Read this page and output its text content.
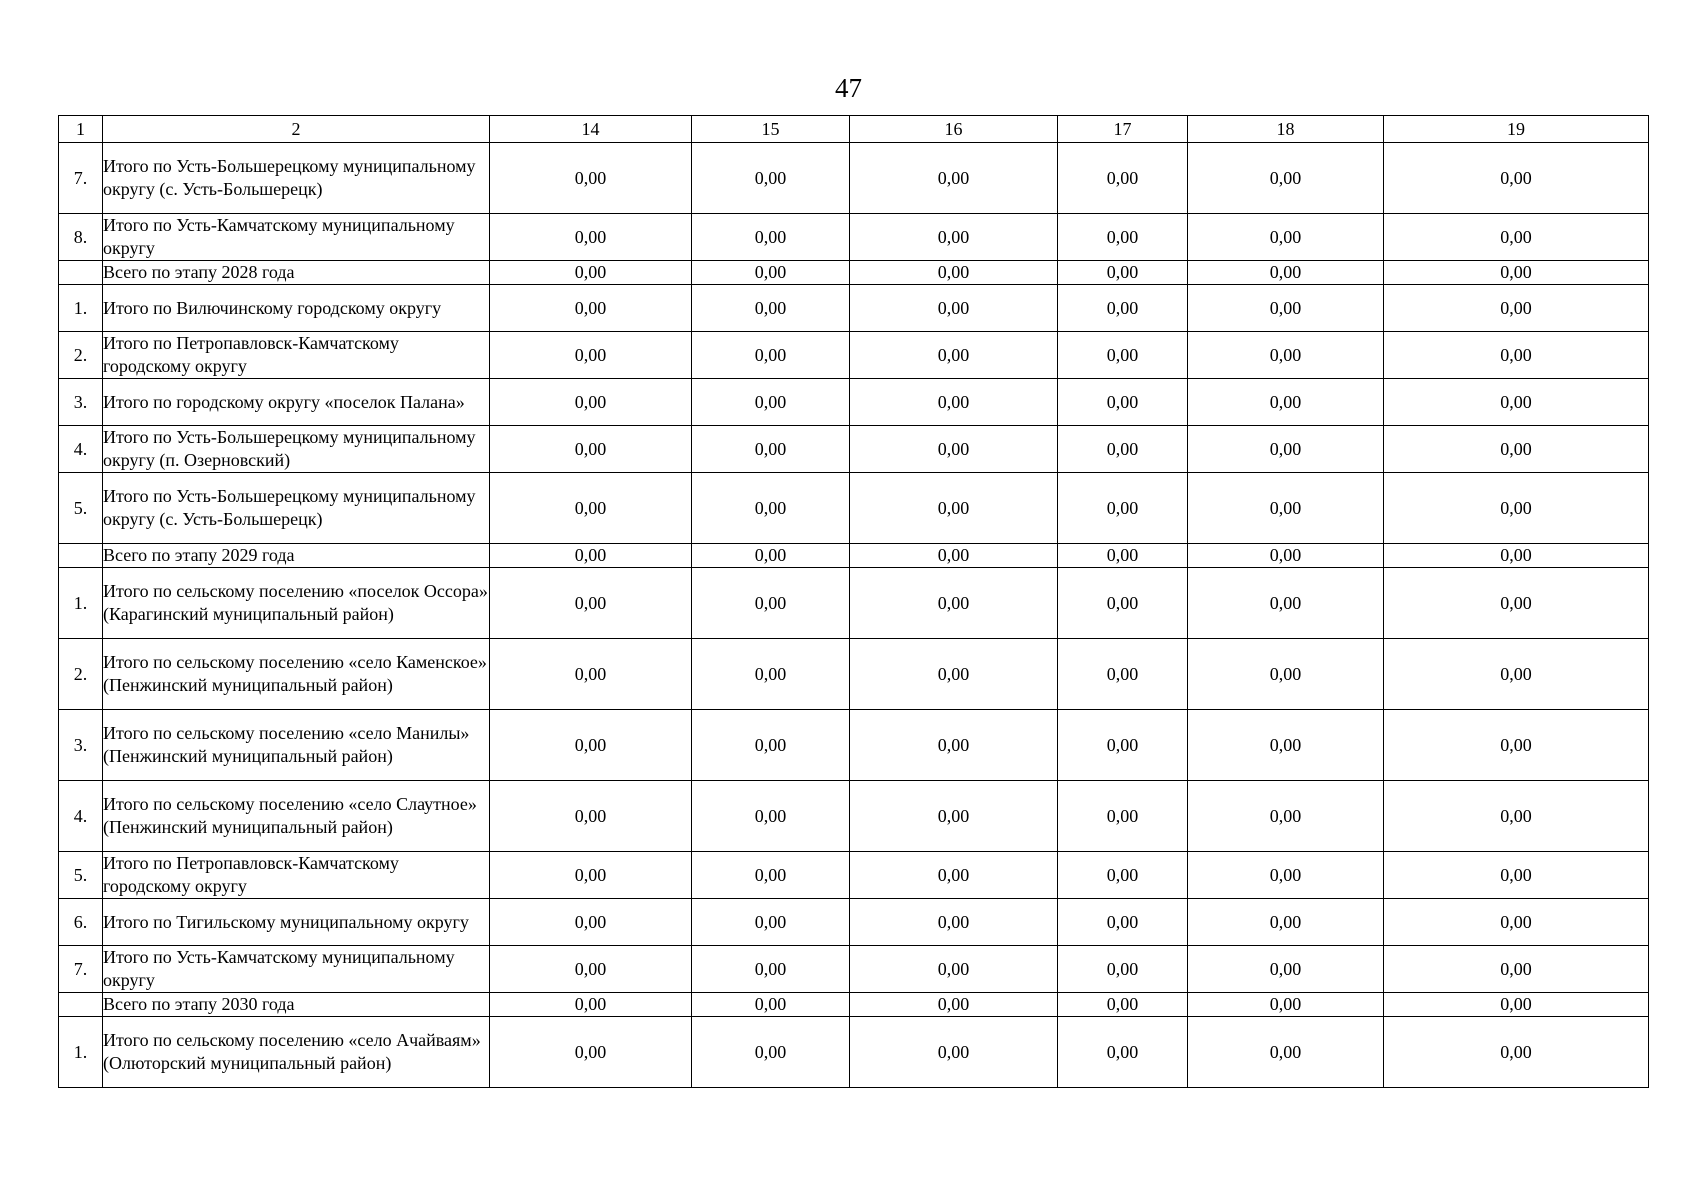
47
1	2	14	15	16	17	18	19
7.	Итого по Усть-Большерецкому муниципальному округу (с. Усть-Большерецк)	0,00	0,00	0,00	0,00	0,00	0,00
8.	Итого по Усть-Камчатскому муниципальному округу	0,00	0,00	0,00	0,00	0,00	0,00
	Всего по этапу 2028 года	0,00	0,00	0,00	0,00	0,00	0,00
1.	Итого по Вилючинскому городскому округу	0,00	0,00	0,00	0,00	0,00	0,00
2.	Итого по Петропавловск-Камчатскому городскому округу	0,00	0,00	0,00	0,00	0,00	0,00
3.	Итого по городскому округу «поселок Палана»	0,00	0,00	0,00	0,00	0,00	0,00
4.	Итого по Усть-Большерецкому муниципальному округу (п. Озерновский)	0,00	0,00	0,00	0,00	0,00	0,00
5.	Итого по Усть-Большерецкому муниципальному округу (с. Усть-Большерецк)	0,00	0,00	0,00	0,00	0,00	0,00
	Всего по этапу 2029 года	0,00	0,00	0,00	0,00	0,00	0,00
1.	Итого по сельскому поселению «поселок Оссора» (Карагинский муниципальный район)	0,00	0,00	0,00	0,00	0,00	0,00
2.	Итого по сельскому поселению «село Каменское» (Пенжинский муниципальный район)	0,00	0,00	0,00	0,00	0,00	0,00
3.	Итого по сельскому поселению «село Манилы» (Пенжинский муниципальный район)	0,00	0,00	0,00	0,00	0,00	0,00
4.	Итого по сельскому поселению «село Слаутное» (Пенжинский муниципальный район)	0,00	0,00	0,00	0,00	0,00	0,00
5.	Итого по Петропавловск-Камчатскому городскому округу	0,00	0,00	0,00	0,00	0,00	0,00
6.	Итого по Тигильскому муниципальному округу	0,00	0,00	0,00	0,00	0,00	0,00
7.	Итого по Усть-Камчатскому муниципальному округу	0,00	0,00	0,00	0,00	0,00	0,00
	Всего по этапу 2030 года	0,00	0,00	0,00	0,00	0,00	0,00
1.	Итого по сельскому поселению «село Ачайваям» (Олюторский муниципальный район)	0,00	0,00	0,00	0,00	0,00	0,00
